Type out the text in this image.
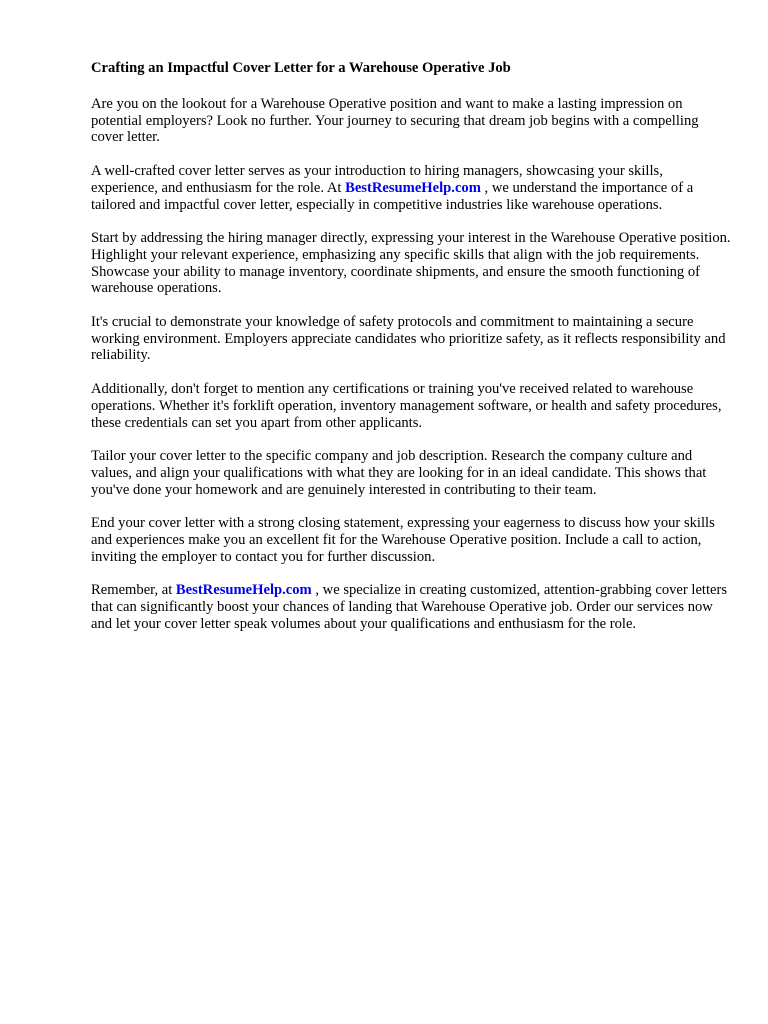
Crafting an Impactful Cover Letter for a Warehouse Operative Job

Are you on the lookout for a Warehouse Operative position and want to make a lasting impression on potential employers? Look no further. Your journey to securing that dream job begins with a compelling cover letter.

A well-crafted cover letter serves as your introduction to hiring managers, showcasing your skills, experience, and enthusiasm for the role. At BestResumeHelp.com , we understand the importance of a tailored and impactful cover letter, especially in competitive industries like warehouse operations.

Start by addressing the hiring manager directly, expressing your interest in the Warehouse Operative position. Highlight your relevant experience, emphasizing any specific skills that align with the job requirements. Showcase your ability to manage inventory, coordinate shipments, and ensure the smooth functioning of warehouse operations.

It's crucial to demonstrate your knowledge of safety protocols and commitment to maintaining a secure working environment. Employers appreciate candidates who prioritize safety, as it reflects responsibility and reliability.

Additionally, don't forget to mention any certifications or training you've received related to warehouse operations. Whether it's forklift operation, inventory management software, or health and safety procedures, these credentials can set you apart from other applicants.

Tailor your cover letter to the specific company and job description. Research the company culture and values, and align your qualifications with what they are looking for in an ideal candidate. This shows that you've done your homework and are genuinely interested in contributing to their team.

End your cover letter with a strong closing statement, expressing your eagerness to discuss how your skills and experiences make you an excellent fit for the Warehouse Operative position. Include a call to action, inviting the employer to contact you for further discussion.

Remember, at BestResumeHelp.com , we specialize in creating customized, attention-grabbing cover letters that can significantly boost your chances of landing that Warehouse Operative job. Order our services now and let your cover letter speak volumes about your qualifications and enthusiasm for the role.
